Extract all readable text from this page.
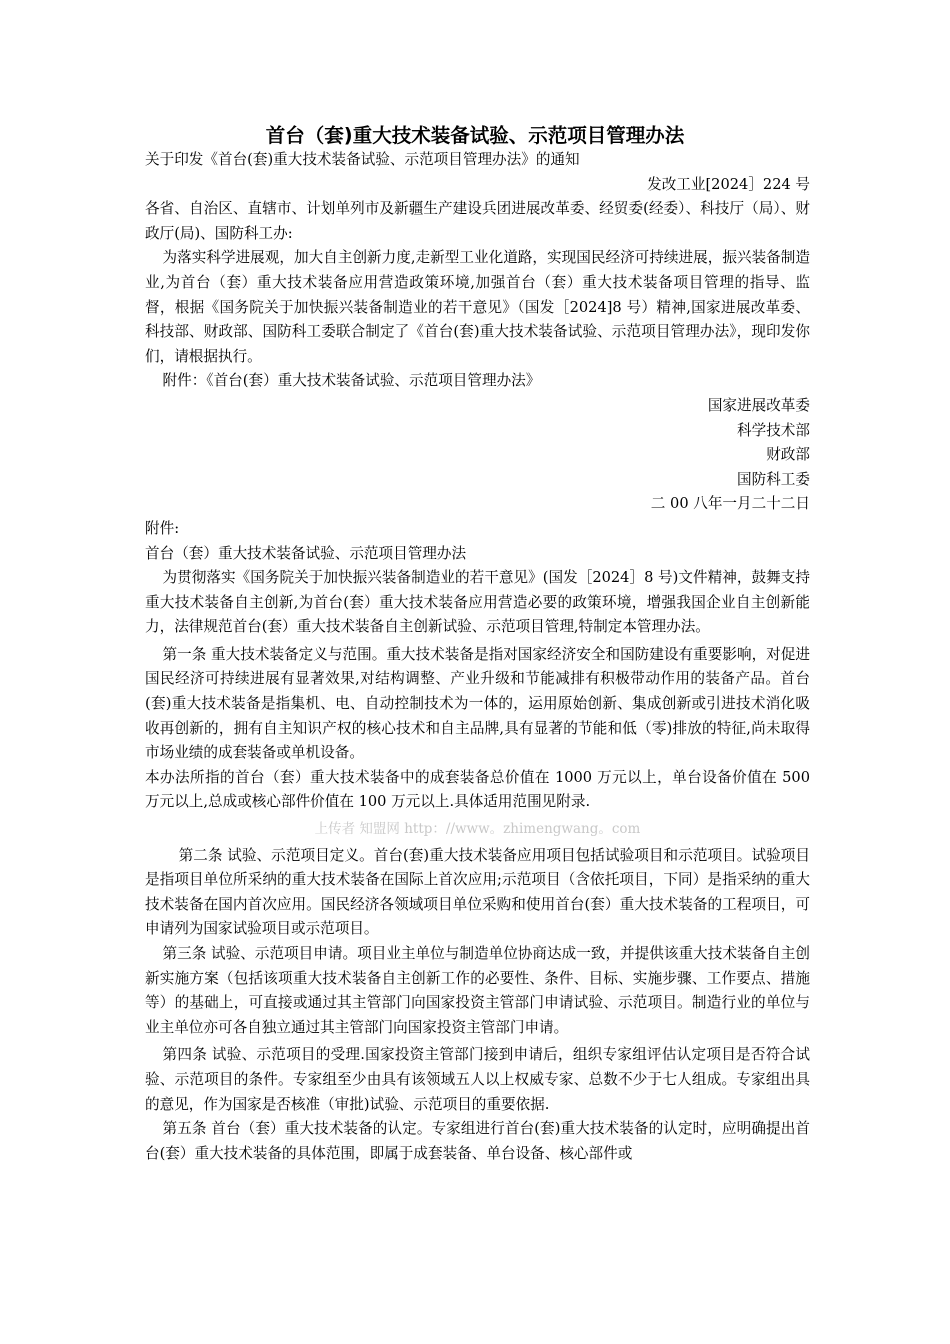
首台（套)重大技术装备试验、示范项目管理办法

关于印发《首台(套)重大技术装备试验、示范项目管理办法》的通知

发改工业[2024］224 号

各省、自治区、直辖市、计划单列市及新疆生产建设兵团进展改革委、经贸委(经委）、科技厅（局）、财政厅(局)、国防科工办:

为落实科学进展观，加大自主创新力度,走新型工业化道路，实现国民经济可持续进展，振兴装备制造业,为首台（套）重大技术装备应用营造政策环境,加强首台（套）重大技术装备项目管理的指导、监督，根据《国务院关于加快振兴装备制造业的若干意见》（国发［2024]8 号）精神,国家进展改革委、科技部、财政部、国防科工委联合制定了《首台(套)重大技术装备试验、示范项目管理办法》，现印发你们，请根据执行。

附件：《首台(套）重大技术装备试验、示范项目管理办法》

国家进展改革委

科学技术部

财政部

国防科工委

二 00 八年一月二十二日

附件:

首台（套）重大技术装备试验、示范项目管理办法

为贯彻落实《国务院关于加快振兴装备制造业的若干意见》(国发［2024］8 号)文件精神，鼓舞支持重大技术装备自主创新,为首台(套）重大技术装备应用营造必要的政策环境，增强我国企业自主创新能力，法律规范首台(套）重大技术装备自主创新试验、示范项目管理,特制定本管理办法。

第一条 重大技术装备定义与范围。重大技术装备是指对国家经济安全和国防建设有重要影响，对促进国民经济可持续进展有显著效果,对结构调整、产业升级和节能减排有积极带动作用的装备产品。首台(套)重大技术装备是指集机、电、自动控制技术为一体的，运用原始创新、集成创新或引进技术消化吸收再创新的，拥有自主知识产权的核心技术和自主品牌,具有显著的节能和低（零)排放的特征,尚未取得市场业绩的成套装备或单机设备。

本办法所指的首台（套）重大技术装备中的成套装备总价值在 1000 万元以上，单台设备价值在 500 万元以上,总成或核心部件价值在 100 万元以上.具体适用范围见附录.

上传者 知盟网 http：//www。zhimengwang。com

第二条 试验、示范项目定义。首台(套)重大技术装备应用项目包括试验项目和示范项目。试验项目是指项目单位所采纳的重大技术装备在国际上首次应用;示范项目（含依托项目，下同）是指采纳的重大技术装备在国内首次应用。国民经济各领域项目单位采购和使用首台(套）重大技术装备的工程项目，可申请列为国家试验项目或示范项目。

第三条 试验、示范项目申请。项目业主单位与制造单位协商达成一致，并提供该重大技术装备自主创新实施方案（包括该项重大技术装备自主创新工作的必要性、条件、目标、实施步骤、工作要点、措施等）的基础上，可直接或通过其主管部门向国家投资主管部门申请试验、示范项目。制造行业的单位与业主单位亦可各自独立通过其主管部门向国家投资主管部门申请。

第四条 试验、示范项目的受理.国家投资主管部门接到申请后，组织专家组评估认定项目是否符合试验、示范项目的条件。专家组至少由具有该领域五人以上权威专家、总数不少于七人组成。专家组出具的意见，作为国家是否核准（审批)试验、示范项目的重要依据.

第五条 首台（套）重大技术装备的认定。专家组进行首台(套)重大技术装备的认定时，应明确提出首台(套）重大技术装备的具体范围，即属于成套装备、单台设备、核心部件或
